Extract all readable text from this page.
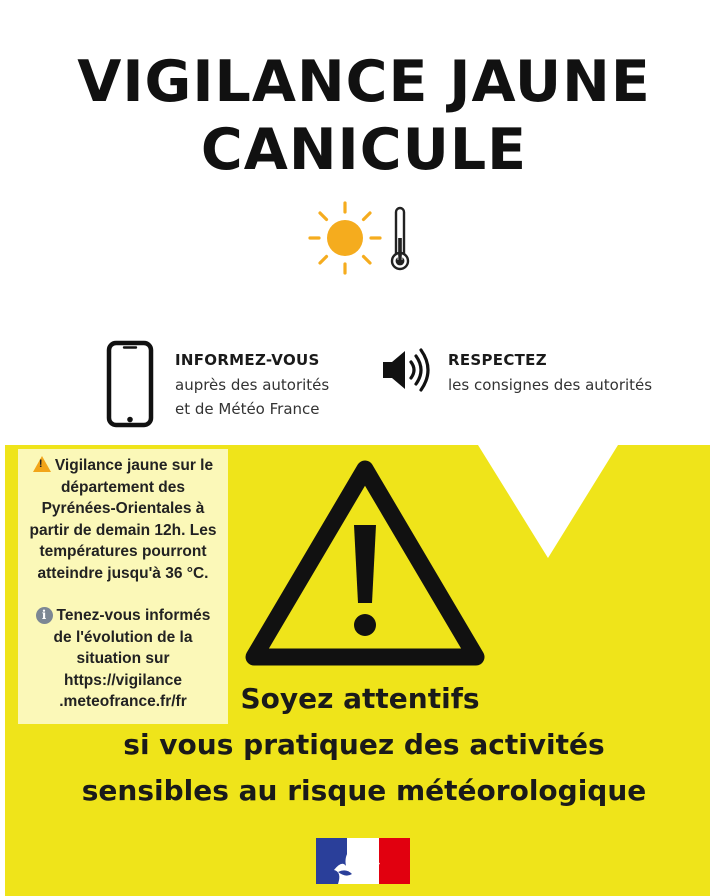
VIGILANCE JAUNE
CANICULE
INFORMEZ-VOUS
auprès des autorités
et de Météo France
RESPECTEZ
les consignes des autorités

!Vigilance jaune sur le
département des
Pyrénées-Orientales à
partir de demain 12h. Les
températures pourront
atteindre jusqu'à 36 °C.

i Tenez-vous informés
de l'évolution de la
situation sur
https://vigilance
.meteofrance.fr/fr	Soyez attentifs
si vous pratiquez des activités
sensibles au risque météorologique
